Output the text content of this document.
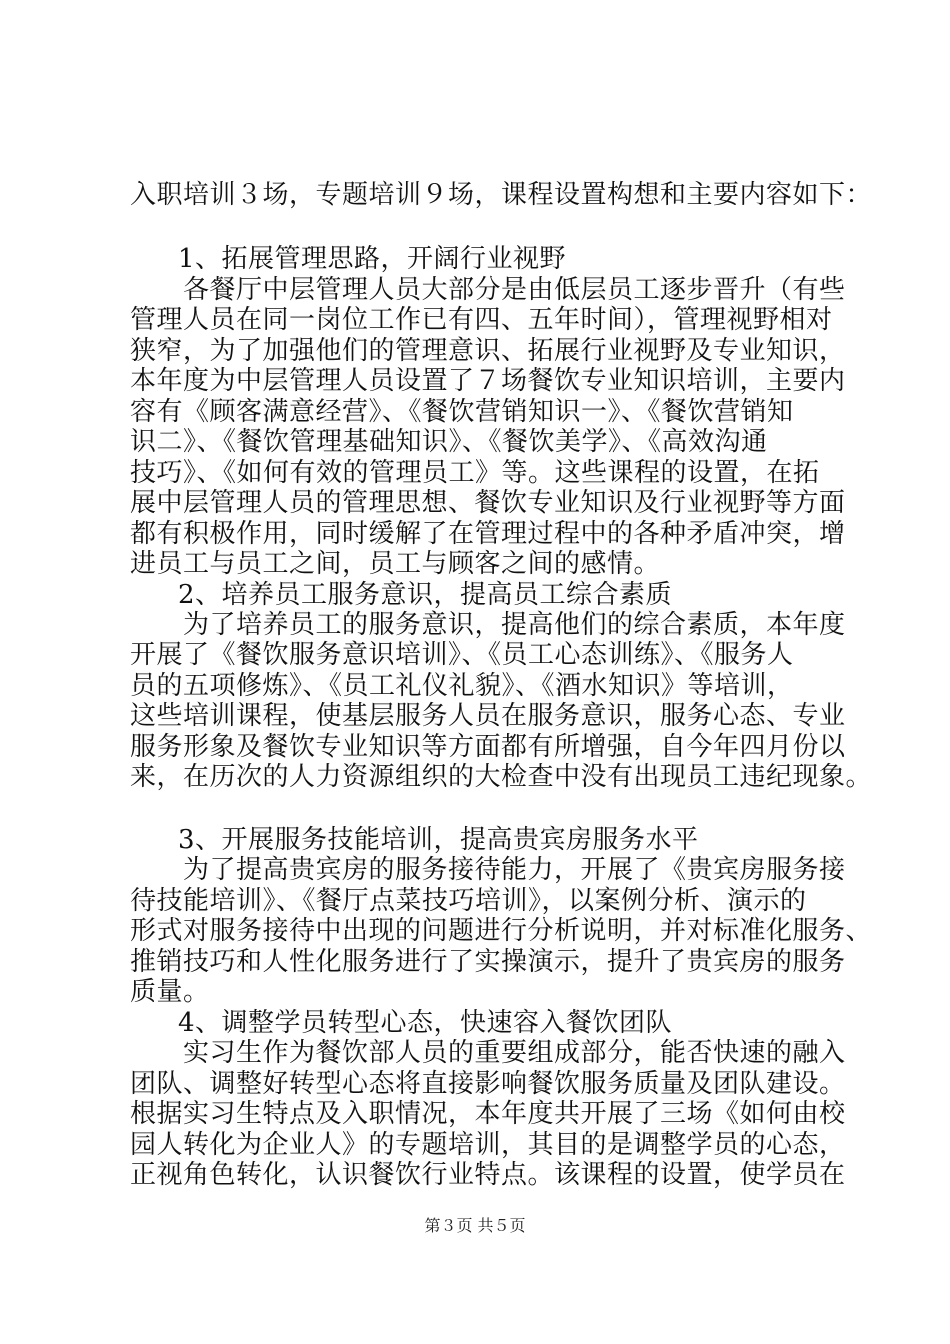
入职培训３场，专题培训９场，课程设置构想和主要内容如下：
1、拓展管理思路，开阔行业视野
各餐厅中层管理人员大部分是由低层员工逐步晋升（有些
管理人员在同一岗位工作已有四、五年时间），管理视野相对
狭窄，为了加强他们的管理意识、拓展行业视野及专业知识，
本年度为中层管理人员设置了７场餐饮专业知识培训，主要内
容有《顾客满意经营》、《餐饮营销知识一》、《餐饮营销知
识二》、《餐饮管理基础知识》、《餐饮美学》、《高效沟通
技巧》、《如何有效的管理员工》等。这些课程的设置，在拓
展中层管理人员的管理思想、餐饮专业知识及行业视野等方面
都有积极作用，同时缓解了在管理过程中的各种矛盾冲突，增
进员工与员工之间，员工与顾客之间的感情。
2、培养员工服务意识，提高员工综合素质
为了培养员工的服务意识，提高他们的综合素质，本年度
开展了《餐饮服务意识培训》、《员工心态训练》、《服务人
员的五项修炼》、《员工礼仪礼貌》、《酒水知识》等培训，
这些培训课程，使基层服务人员在服务意识，服务心态、专业
服务形象及餐饮专业知识等方面都有所增强，自今年四月份以
来，在历次的人力资源组织的大检查中没有出现员工违纪现象。
3、开展服务技能培训，提高贵宾房服务水平
为了提高贵宾房的服务接待能力，开展了《贵宾房服务接
待技能培训》、《餐厅点菜技巧培训》，以案例分析、演示的
形式对服务接待中出现的问题进行分析说明，并对标准化服务、
推销技巧和人性化服务进行了实操演示，提升了贵宾房的服务
质量。
4、调整学员转型心态，快速容入餐饮团队
实习生作为餐饮部人员的重要组成部分，能否快速的融入
团队、调整好转型心态将直接影响餐饮服务质量及团队建设。
根据实习生特点及入职情况，本年度共开展了三场《如何由校
园人转化为企业人》的专题培训，其目的是调整学员的心态，
正视角色转化，认识餐饮行业特点。该课程的设置，使学员在
第３页 共５页
